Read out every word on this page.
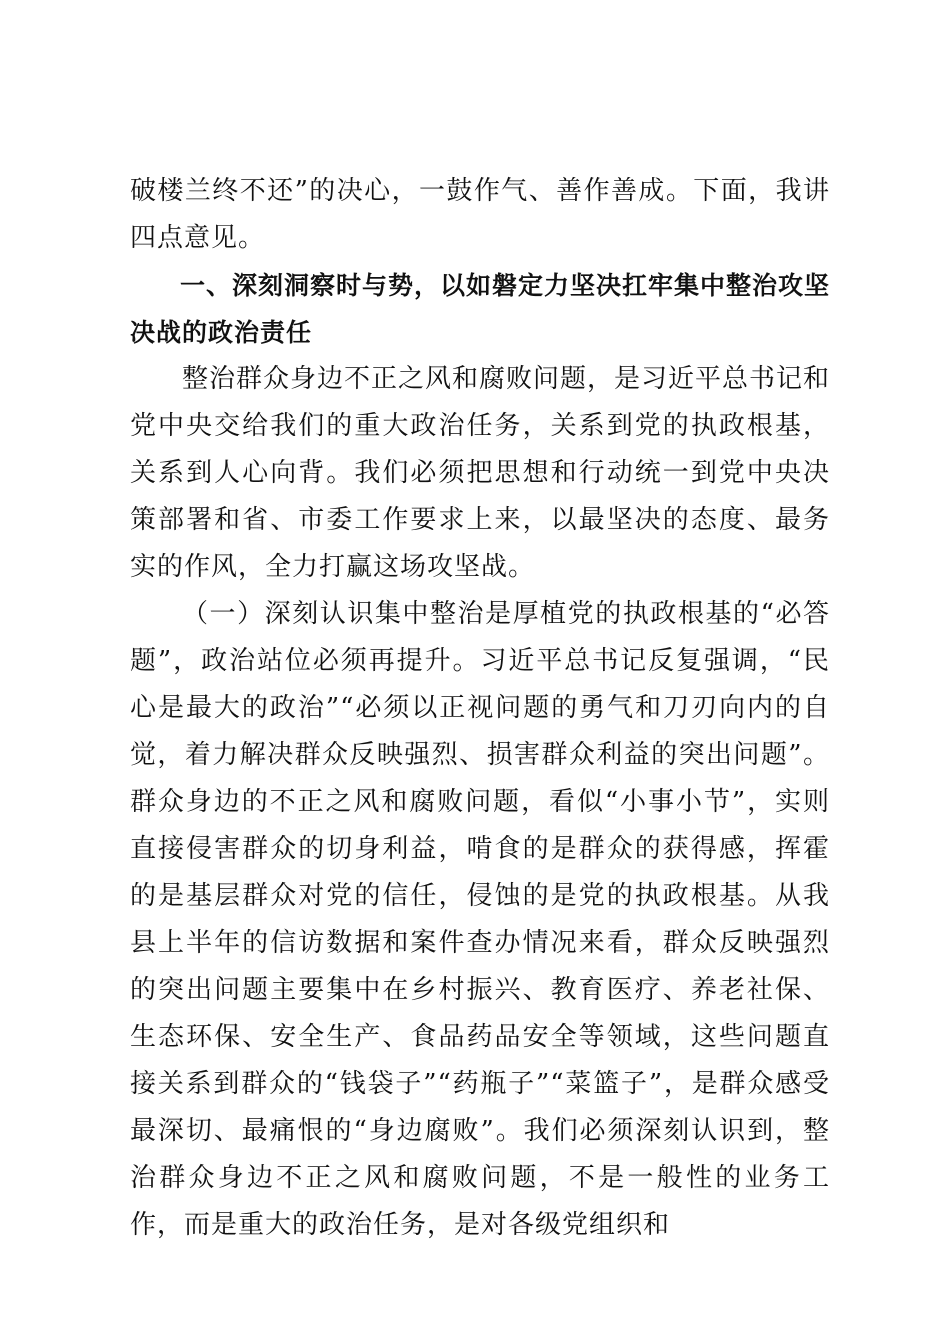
破楼兰终不还”的决心，一鼓作气、善作善成。下面，我讲四点意见。

一、深刻洞察时与势，以如磐定力坚决扛牢集中整治攻坚决战的政治责任

整治群众身边不正之风和腐败问题，是习近平总书记和党中央交给我们的重大政治任务，关系到党的执政根基，关系到人心向背。我们必须把思想和行动统一到党中央决策部署和省、市委工作要求上来，以最坚决的态度、最务实的作风，全力打赢这场攻坚战。

（一）深刻认识集中整治是厚植党的执政根基的“必答题”，政治站位必须再提升。习近平总书记反复强调，“民心是最大的政治”“必须以正视问题的勇气和刀刃向内的自觉，着力解决群众反映强烈、损害群众利益的突出问题”。群众身边的不正之风和腐败问题，看似“小事小节”，实则直接侵害群众的切身利益，啃食的是群众的获得感，挥霍的是基层群众对党的信任，侵蚀的是党的执政根基。从我县上半年的信访数据和案件查办情况来看，群众反映强烈的突出问题主要集中在乡村振兴、教育医疗、养老社保、生态环保、安全生产、食品药品安全等领域，这些问题直接关系到群众的“钱袋子”“药瓶子”“菜篮子”，是群众感受最深切、最痛恨的“身边腐败”。我们必须深刻认识到，整治群众身边不正之风和腐败问题，不是一般性的业务工作，而是重大的政治任务，是对各级党组织和
